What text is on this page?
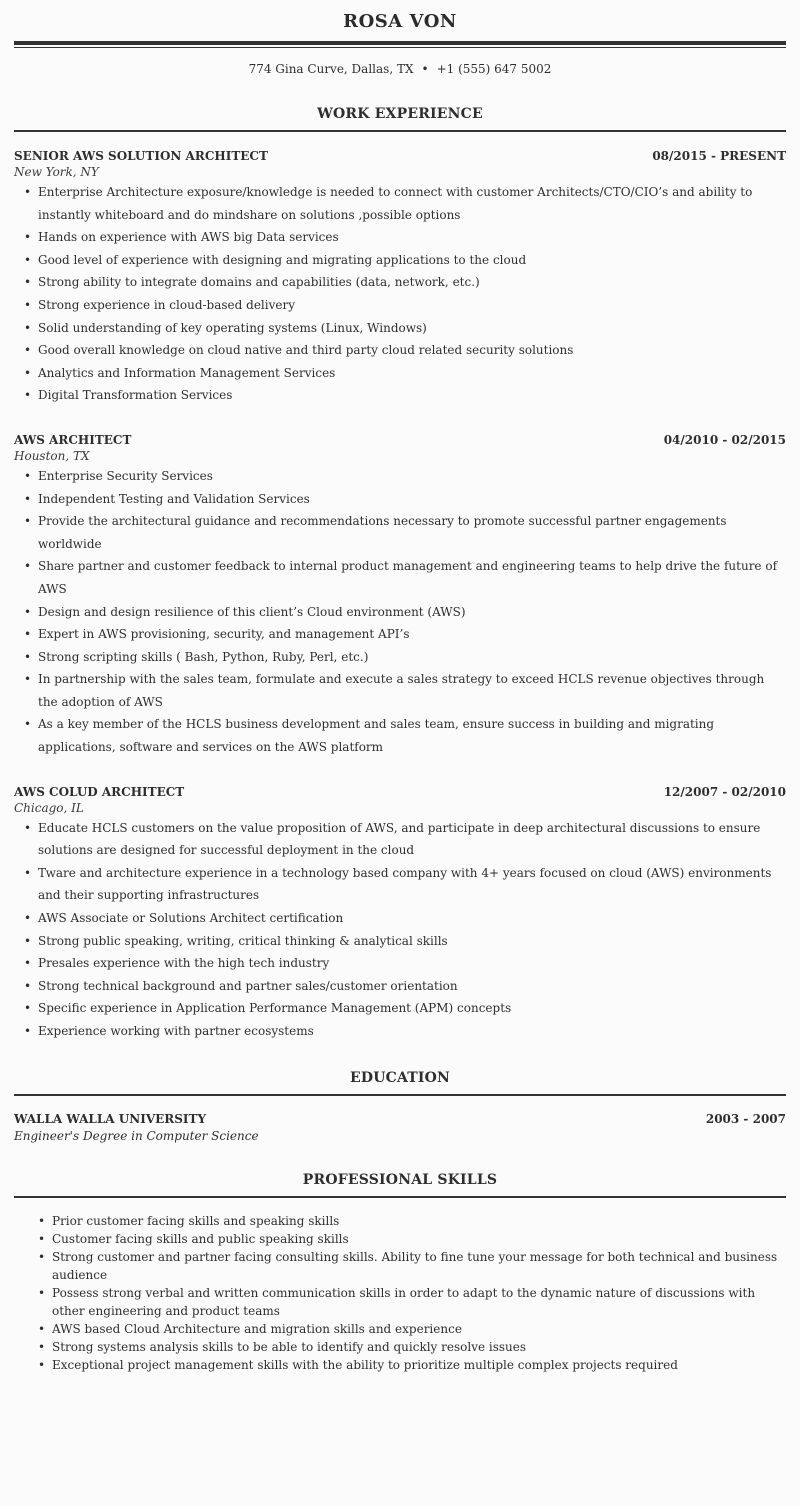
ROSA VON
774 Gina Curve, Dallas, TX • +1 (555) 647 5002
WORK EXPERIENCE
SENIOR AWS SOLUTION ARCHITECT	08/2015 - PRESENT
New York, NY
• Enterprise Architecture exposure/knowledge is needed to connect with customer Architects/CTO/CIO’s and ability to instantly whiteboard and do mindshare on solutions ,possible options
• Hands on experience with AWS big Data services
• Good level of experience with designing and migrating applications to the cloud
• Strong ability to integrate domains and capabilities (data, network, etc.)
• Strong experience in cloud-based delivery
• Solid understanding of key operating systems (Linux, Windows)
• Good overall knowledge on cloud native and third party cloud related security solutions
• Analytics and Information Management Services
• Digital Transformation Services
AWS ARCHITECT	04/2010 - 02/2015
Houston, TX
• Enterprise Security Services
• Independent Testing and Validation Services
• Provide the architectural guidance and recommendations necessary to promote successful partner engagements worldwide
• Share partner and customer feedback to internal product management and engineering teams to help drive the future of AWS
• Design and design resilience of this client’s Cloud environment (AWS)
• Expert in AWS provisioning, security, and management API’s
• Strong scripting skills ( Bash, Python, Ruby, Perl, etc.)
• In partnership with the sales team, formulate and execute a sales strategy to exceed HCLS revenue objectives through the adoption of AWS
• As a key member of the HCLS business development and sales team, ensure success in building and migrating applications, software and services on the AWS platform
AWS COLUD ARCHITECT	12/2007 - 02/2010
Chicago, IL
• Educate HCLS customers on the value proposition of AWS, and participate in deep architectural discussions to ensure solutions are designed for successful deployment in the cloud
• Tware and architecture experience in a technology based company with 4+ years focused on cloud (AWS) environments and their supporting infrastructures
• AWS Associate or Solutions Architect certification
• Strong public speaking, writing, critical thinking & analytical skills
• Presales experience with the high tech industry
• Strong technical background and partner sales/customer orientation
• Specific experience in Application Performance Management (APM) concepts
• Experience working with partner ecosystems
EDUCATION
WALLA WALLA UNIVERSITY	2003 - 2007
Engineer's Degree in Computer Science
PROFESSIONAL SKILLS
• Prior customer facing skills and speaking skills
• Customer facing skills and public speaking skills
• Strong customer and partner facing consulting skills. Ability to fine tune your message for both technical and business audience
• Possess strong verbal and written communication skills in order to adapt to the dynamic nature of discussions with other engineering and product teams
• AWS based Cloud Architecture and migration skills and experience
• Strong systems analysis skills to be able to identify and quickly resolve issues
• Exceptional project management skills with the ability to prioritize multiple complex projects required
